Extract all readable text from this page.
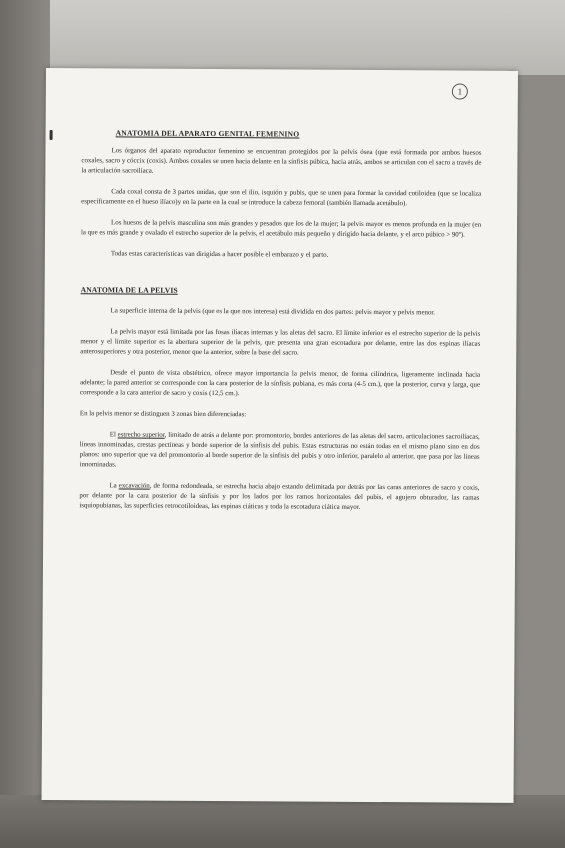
1
ANATOMIA DEL APARATO GENITAL FEMENINO

Los órganos del aparato reproductor femenino se encuentran protegidos por la pelvis ósea (que está formada por ambos huesos coxales, sacro y cóccix (coxis). Ambos coxales se unen hacia delante en la sínfisis púbica, hacia atrás, ambos se articulan con el sacro a través de la articulación sacroilíaca.

Cada coxal consta de 3 partes unidas, que son el ilio, isquión y pubis, que se unen para formar la cavidad cotiloidea (que se localiza específicamente en el hueso ilíaco)y en la parte en la cual se introduce la cabeza femoral (también llamada acetábulo).

Los huesos de la pelvis masculina son más grandes y pesados que los de la mujer; la pelvis mayor es menos profunda en la mujer (en la que es más grande y ovalado el estrecho superior de la pelvis, el acetábulo más pequeño y dirigido hacia delante, y el arco púbico > 90º).

Todas estas características van dirigidas a hacer posible el embarazo y el parto.

ANATOMIA DE LA PELVIS

La superficie interna de la pelvis (que es la que nos interesa) está dividida en dos partes: pelvis mayor y pelvis menor.

La pelvis mayor está limitada por las fosas ilíacas internas y las aletas del sacro. El límite inferior es el estrecho superior de la pelvis menor y el límite superior es la abertura superior de la pelvis, que presenta una gran escotadura por delante, entre las dos espinas ilíacas anterosuperiores y otra posterior, menor que la anterior, sobre la base del sacro.

Desde el punto de vista obstétrico, ofrece mayor importancia la pelvis menor, de forma cilíndrica, ligeramente inclinada hacia adelante; la pared anterior se corresponde con la cara posterior de la sínfisis pubiana, es más corta (4-5 cm.), que la posterior, curva y larga, que corresponde a la cara anterior de sacro y coxis (12,5 cm.).

En la pelvis menor se distinguen 3 zonas bien diferenciadas:

El estrecho superior, limitado de atrás a delante por: promontorio, bordes anteriores de las aletas del sacro, articulaciones sacroilíacas, líneas innominadas, crestas pectíneas y borde superior de la sínfisis del pubis. Estas estructuras no están todas en el mismo plano sino en dos planos: uno superior que va del promontorio al borde superior de la sínfisis del pubis y otro inferior, paralelo al anterior, que pasa por las líneas innominadas.

La excavación, de forma redondeada, se estrecha hacia abajo estando delimitada por detrás por las caras anteriores de sacro y coxis, por delante por la cara posterior de la sínfisis y por los lados por los ramos horizontales del pubis, el agujero obturador, las ramas isquiopubianas, las superficies retrocotiloideas, las espinas ciáticas y toda la escotadura ciática mayor.
